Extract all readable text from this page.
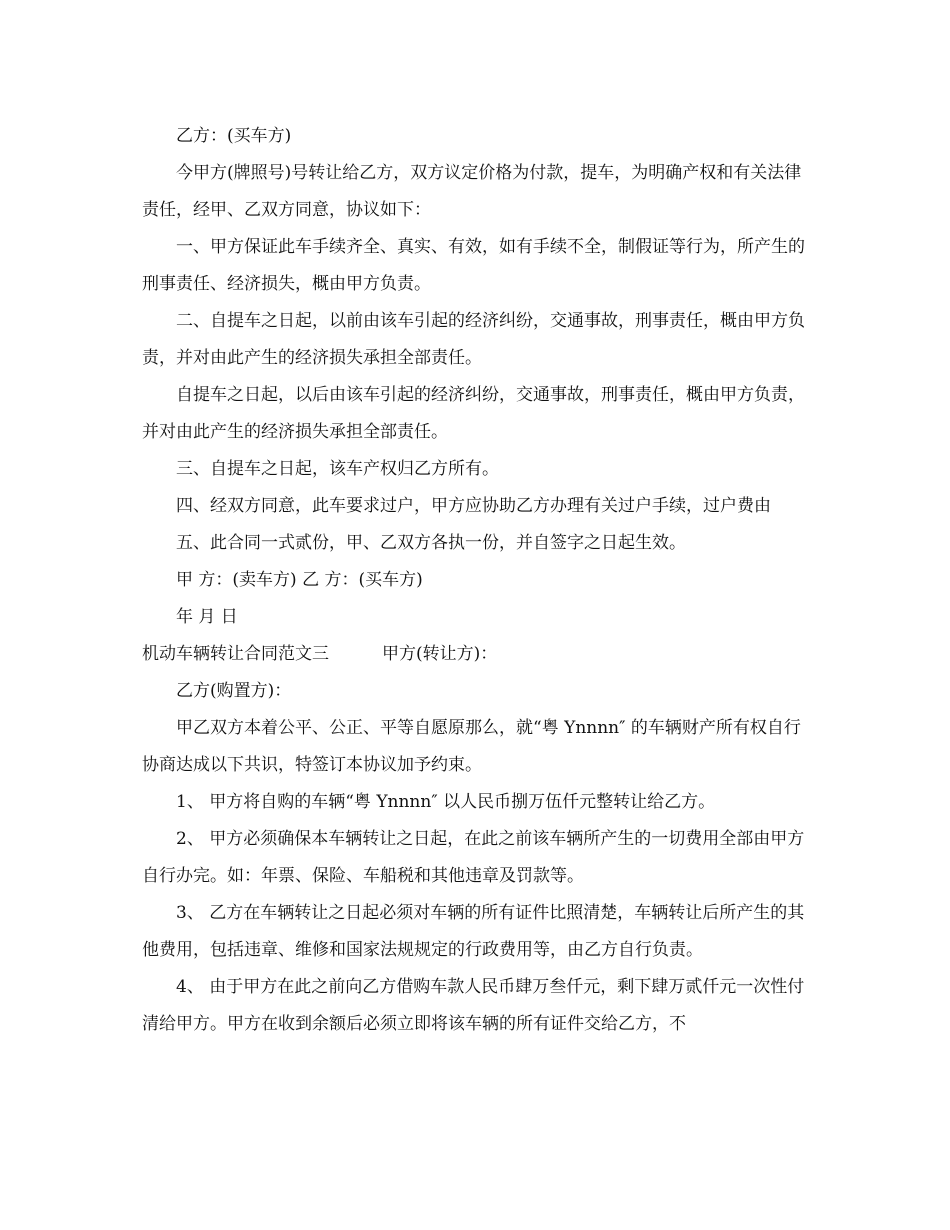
乙方：(买车方)

今甲方(牌照号)号转让给乙方，双方议定价格为付款，提车，为明确产权和有关法律责任，经甲、乙双方同意，协议如下：

一、甲方保证此车手续齐全、真实、有效，如有手续不全，制假证等行为，所产生的刑事责任、经济损失，概由甲方负责。

二、自提车之日起，以前由该车引起的经济纠纷，交通事故，刑事责任，概由甲方负责，并对由此产生的经济损失承担全部责任。

自提车之日起，以后由该车引起的经济纠纷，交通事故，刑事责任，概由甲方负责，并对由此产生的经济损失承担全部责任。

三、自提车之日起，该车产权归乙方所有。

四、经双方同意，此车要求过户，甲方应协助乙方办理有关过户手续，过户费由

五、此合同一式贰份，甲、乙双方各执一份，并自签字之日起生效。

甲 方：(卖车方) 乙 方：(买车方)

年 月 日

机动车辆转让合同范文三	甲方(转让方)：

乙方(购置方)：

甲乙双方本着公平、公正、平等自愿原那么，就“粤 Ynnnn″ 的车辆财产所有权自行协商达成以下共识，特签订本协议加予约束。

1、 甲方将自购的车辆“粤 Ynnnn″ 以人民币捌万伍仟元整转让给乙方。

2、 甲方必须确保本车辆转让之日起，在此之前该车辆所产生的一切费用全部由甲方自行办完。如：年票、保险、车船税和其他违章及罚款等。

3、 乙方在车辆转让之日起必须对车辆的所有证件比照清楚，车辆转让后所产生的其他费用，包括违章、维修和国家法规规定的行政费用等，由乙方自行负责。

4、 由于甲方在此之前向乙方借购车款人民币肆万叁仟元，剩下肆万贰仟元一次性付清给甲方。甲方在收到余额后必须立即将该车辆的所有证件交给乙方，不
